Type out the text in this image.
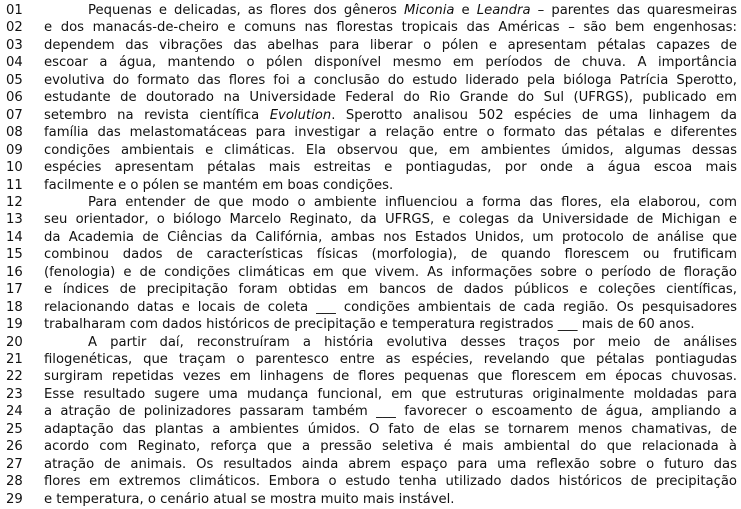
01	Pequenas e delicadas, as flores dos gêneros Miconia e Leandra – parentes das quaresmeiras
02	e dos manacás-de-cheiro e comuns nas florestas tropicais das Américas – são bem engenhosas:
03	dependem das vibrações das abelhas para liberar o pólen e apresentam pétalas capazes de
04	escoar a água, mantendo o pólen disponível mesmo em períodos de chuva. A importância
05	evolutiva do formato das flores foi a conclusão do estudo liderado pela bióloga Patrícia Sperotto,
06	estudante de doutorado na Universidade Federal do Rio Grande do Sul (UFRGS), publicado em
07	setembro na revista científica Evolution. Sperotto analisou 502 espécies de uma linhagem da
08	família das melastomatáceas para investigar a relação entre o formato das pétalas e diferentes
09	condições ambientais e climáticas. Ela observou que, em ambientes úmidos, algumas dessas
10	espécies apresentam pétalas mais estreitas e pontiagudas, por onde a água escoa mais
11	facilmente e o pólen se mantém em boas condições.
12	Para entender de que modo o ambiente influenciou a forma das flores, ela elaborou, com
13	seu orientador, o biólogo Marcelo Reginato, da UFRGS, e colegas da Universidade de Michigan e
14	da Academia de Ciências da Califórnia, ambas nos Estados Unidos, um protocolo de análise que
15	combinou dados de características físicas (morfologia), de quando florescem ou frutificam
16	(fenologia) e de condições climáticas em que vivem. As informações sobre o período de floração
17	e índices de precipitação foram obtidas em bancos de dados públicos e coleções científicas,
18	relacionando datas e locais de coleta ___ condições ambientais de cada região. Os pesquisadores
19	trabalharam com dados históricos de precipitação e temperatura registrados ___ mais de 60 anos.
20	A partir daí, reconstruíram a história evolutiva desses traços por meio de análises
21	filogenéticas, que traçam o parentesco entre as espécies, revelando que pétalas pontiagudas
22	surgiram repetidas vezes em linhagens de flores pequenas que florescem em épocas chuvosas.
23	Esse resultado sugere uma mudança funcional, em que estruturas originalmente moldadas para
24	a atração de polinizadores passaram também ___ favorecer o escoamento de água, ampliando a
25	adaptação das plantas a ambientes úmidos. O fato de elas se tornarem menos chamativas, de
26	acordo com Reginato, reforça que a pressão seletiva é mais ambiental do que relacionada à
27	atração de animais. Os resultados ainda abrem espaço para uma reflexão sobre o futuro das
28	flores em extremos climáticos. Embora o estudo tenha utilizado dados históricos de precipitação
29	e temperatura, o cenário atual se mostra muito mais instável.
